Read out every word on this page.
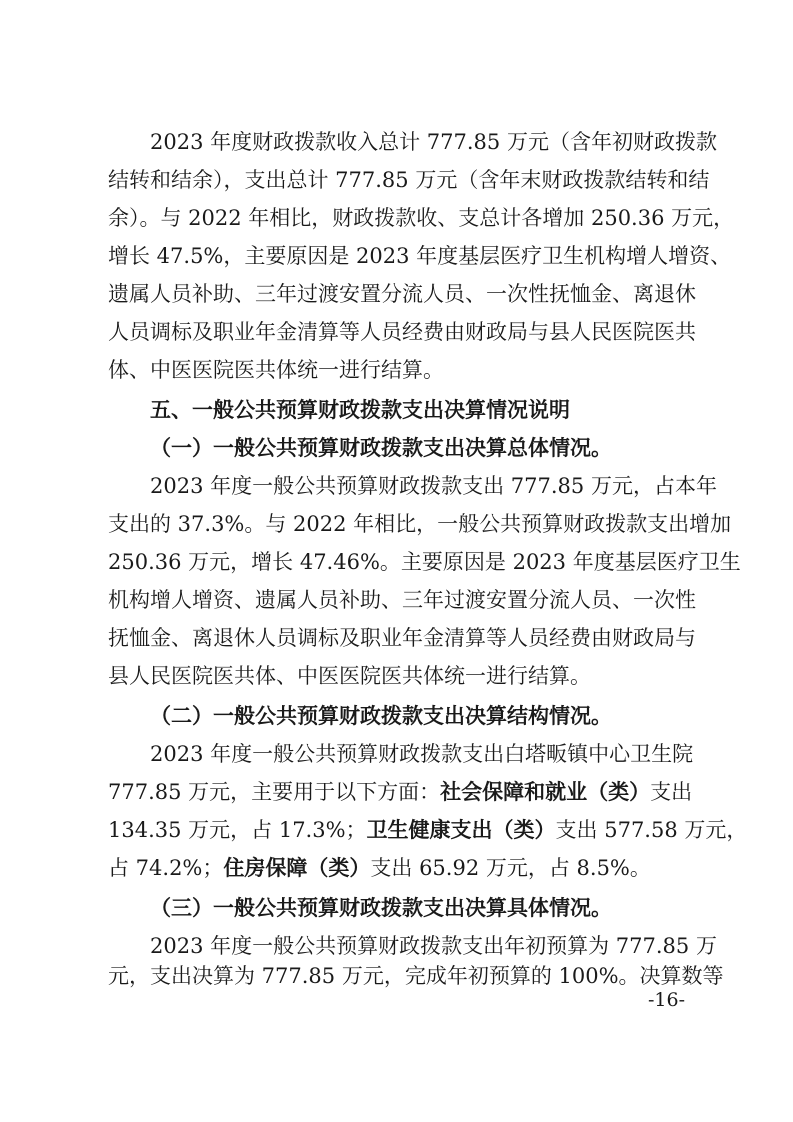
2023 年度财政拨款收入总计 777.85 万元（含年初财政拨款
结转和结余），支出总计 777.85 万元（含年末财政拨款结转和结
余）。与 2022 年相比，财政拨款收、支总计各增加 250.36 万元，
增长 47.5%，主要原因是 2023 年度基层医疗卫生机构增人增资、
遗属人员补助、三年过渡安置分流人员、一次性抚恤金、离退休
人员调标及职业年金清算等人员经费由财政局与县人民医院医共
体、中医医院医共体统一进行结算。
五、一般公共预算财政拨款支出决算情况说明
（一）一般公共预算财政拨款支出决算总体情况。
2023 年度一般公共预算财政拨款支出 777.85 万元，占本年
支出的 37.3%。与 2022 年相比，一般公共预算财政拨款支出增加
250.36 万元，增长 47.46%。主要原因是 2023 年度基层医疗卫生
机构增人增资、遗属人员补助、三年过渡安置分流人员、一次性
抚恤金、离退休人员调标及职业年金清算等人员经费由财政局与
县人民医院医共体、中医医院医共体统一进行结算。
（二）一般公共预算财政拨款支出决算结构情况。
2023 年度一般公共预算财政拨款支出白塔畈镇中心卫生院
777.85 万元，主要用于以下方面：社会保障和就业（类）支出
134.35 万元，占 17.3%；卫生健康支出（类）支出 577.58 万元，
占 74.2%；住房保障（类）支出 65.92 万元，占 8.5%。
（三）一般公共预算财政拨款支出决算具体情况。
2023 年度一般公共预算财政拨款支出年初预算为 777.85 万
元，支出决算为 777.85 万元，完成年初预算的 100%。决算数等
-16-
